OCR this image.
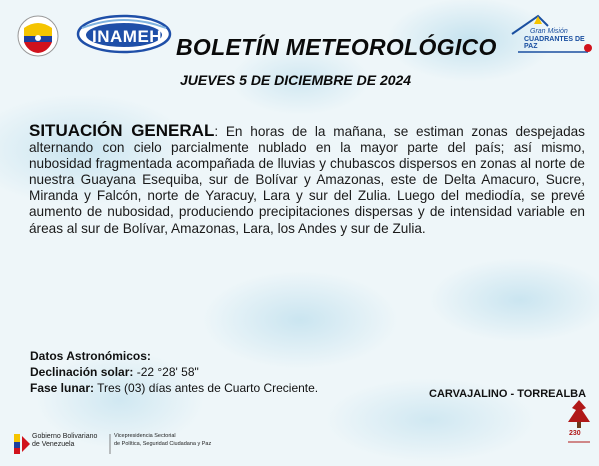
INAMEH BOLETÍN METEOROLÓGICO
JUEVES 5 DE DICIEMBRE DE 2024
Gran Misión
CUADRANTES DE PAZ
SITUACIÓN GENERAL: En horas de la mañana, se estiman zonas despejadas alternando con cielo parcialmente nublado en la mayor parte del país; así mismo, nubosidad fragmentada acompañada de lluvias y chubascos dispersos en zonas al norte de nuestra Guayana Esequiba, sur de Bolívar y Amazonas, este de Delta Amacuro, Sucre, Miranda y Falcón, norte de Yaracuy, Lara y sur del Zulia. Luego del mediodía, se prevé aumento de nubosidad, produciendo precipitaciones dispersas y de intensidad variable en áreas al sur de Bolívar, Amazonas, Lara, los Andes y sur de Zulia.
Datos Astronómicos:
Declinación solar: -22 °28' 58"
Fase lunar: Tres (03) días antes de Cuarto Creciente.	CARVAJALINO - TORREALBA
Gobierno Bolivariano
de Venezuela
Vicepresidencia Sectorial
de Política, Seguridad Ciudadana y Paz
230
